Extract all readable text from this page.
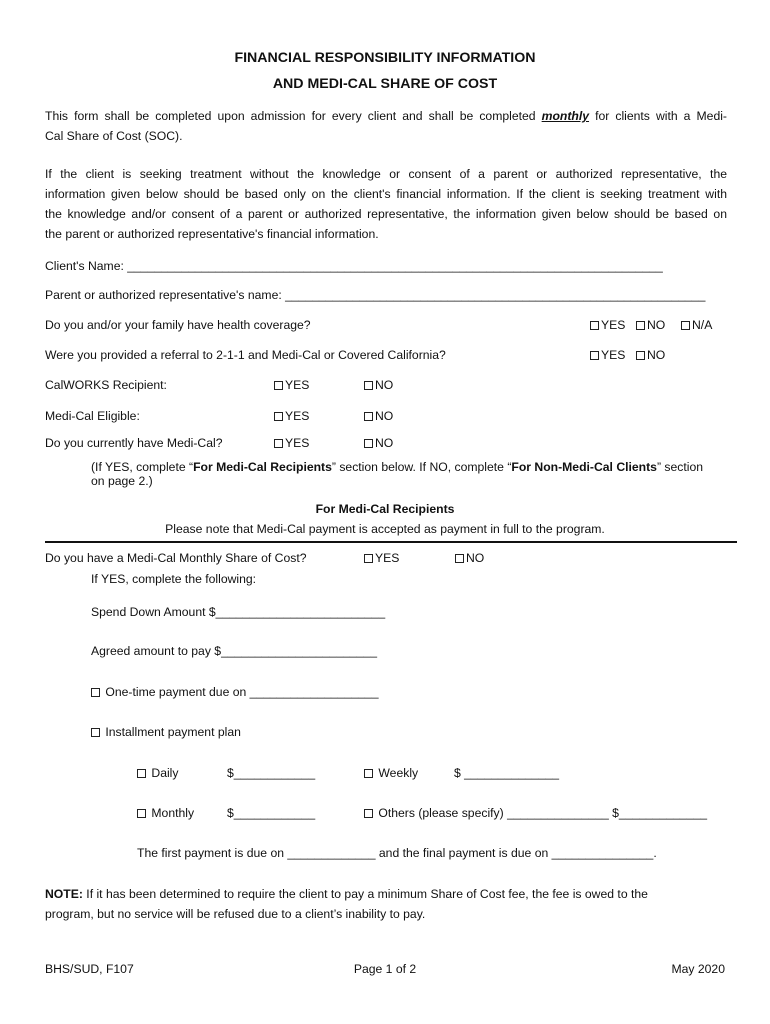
FINANCIAL RESPONSIBILITY INFORMATION
AND MEDI-CAL SHARE OF COST
This form shall be completed upon admission for every client and shall be completed monthly for clients with a Medi-
Cal Share of Cost (SOC).
If the client is seeking treatment without the knowledge or consent of a parent or authorized representative, the
information given below should be based only on the client's financial information. If the client is seeking treatment with
the knowledge and/or consent of a parent or authorized representative, the information given below should be based on
the parent or authorized representative's financial information.
Client's Name: _______________________________________________________________________________
Parent or authorized representative's name: ______________________________________________________________
Do you and/or your family have health coverage?	YES	NO	N/A
Were you provided a referral to 2-1-1 and Medi-Cal or Covered California?	YES	NO
CalWORKS Recipient:	YES	NO
Medi-Cal Eligible:	YES	NO
Do you currently have Medi-Cal?	YES	NO
(If YES, complete “For Medi-Cal Recipients” section below. If NO, complete “For Non-Medi-Cal Clients” section
on page 2.)
For Medi-Cal Recipients
Please note that Medi-Cal payment is accepted as payment in full to the program.
Do you have a Medi-Cal Monthly Share of Cost?	YES	NO
If YES, complete the following:
Spend Down Amount $_________________________
Agreed amount to pay $_______________________
One-time payment due on ___________________
Installment payment plan
Daily	$____________	Weekly	$ ______________
Monthly	$____________	Others (please specify) _______________ $_____________
The first payment is due on _____________ and the final payment is due on _______________.
NOTE: If it has been determined to require the client to pay a minimum Share of Cost fee, the fee is owed to the
program, but no service will be refused due to a client’s inability to pay.
BHS/SUD, F107	Page 1 of 2	May 2020
